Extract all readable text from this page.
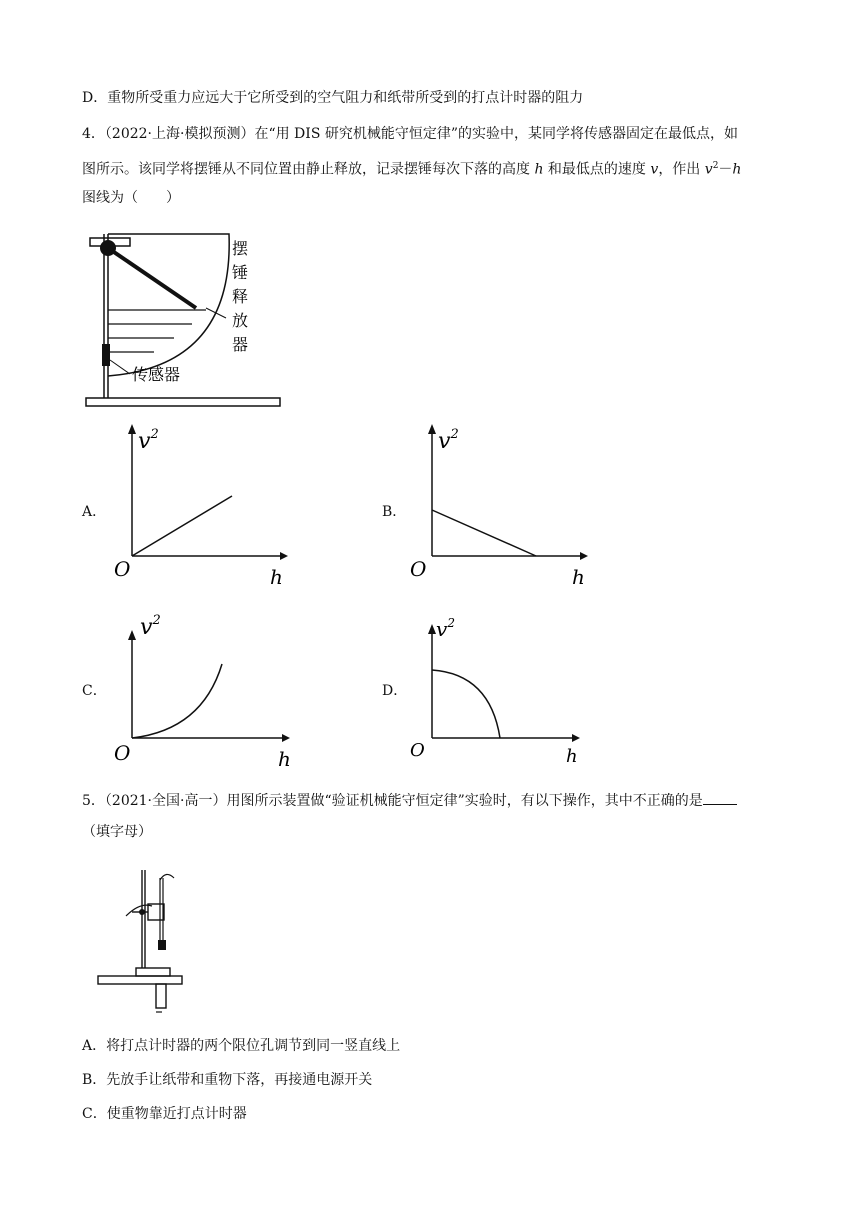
D．重物所受重力应远大于它所受到的空气阻力和纸带所受到的打点计时器的阻力
4．（2022·上海·模拟预测）在“用 DIS 研究机械能守恒定律”的实验中，某同学将传感器固定在最低点，如
图所示。该同学将摆锤从不同位置由静止释放，记录摆锤每次下落的高度 h 和最低点的速度 v，作出 $v^2-h$
图线为（　　）
摆
锤
释
放
器
传感器
A．	B．
C．	D．
$v^2$
O	h
$v^2$
O	h
$v^2$
O	h
$v^2$
O	h
5．（2021·全国·高一）用图所示装置做“验证机械能守恒定律”实验时，有以下操作，其中不正确的是
（填字母）
A．将打点计时器的两个限位孔调节到同一竖直线上
B．先放手让纸带和重物下落，再接通电源开关
C．使重物靠近打点计时器
